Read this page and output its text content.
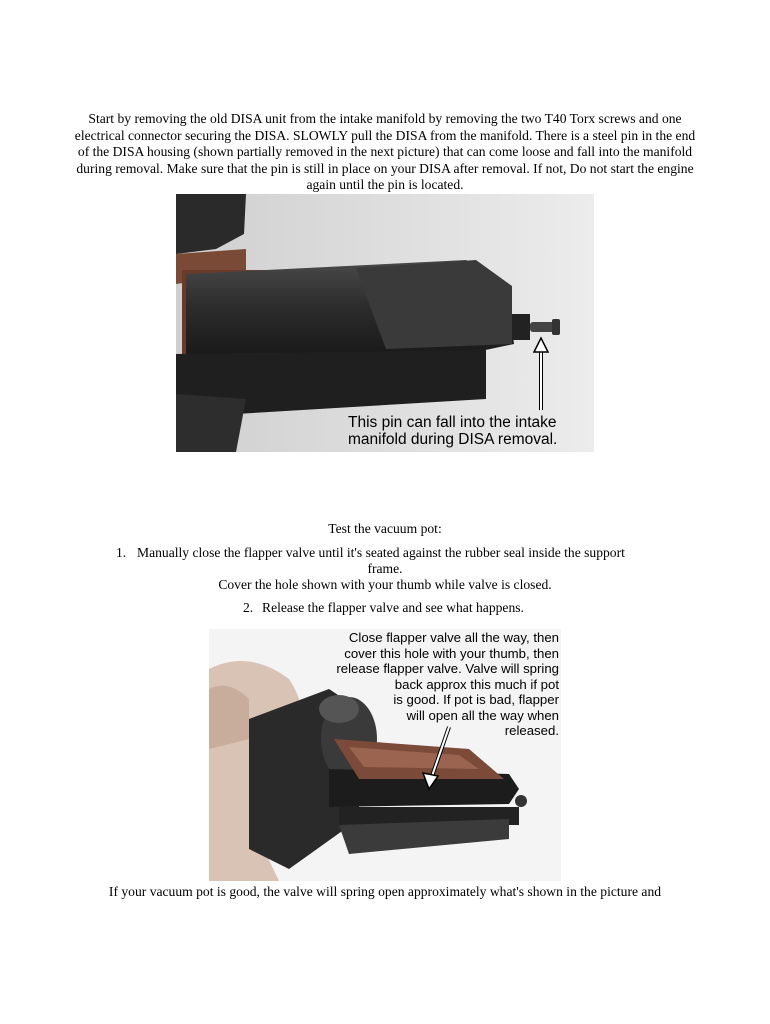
Start by removing the old DISA unit from the intake manifold by removing the two T40 Torx screws and one electrical connector securing the DISA. SLOWLY pull the DISA from the manifold. There is a steel pin in the end of the DISA housing (shown partially removed in the next picture) that can come loose and fall into the manifold during removal. Make sure that the pin is still in place on your DISA after removal. If not, Do not start the engine again until the pin is located.

This pin can fall into the intake
manifold during DISA removal.
Test the vacuum pot:
1. Manually close the flapper valve until it's seated against the rubber seal inside the support
frame.
Cover the hole shown with your thumb while valve is closed.
2. Release the flapper valve and see what happens.
Close flapper valve all the way, then
cover this hole with your thumb, then
release flapper valve. Valve will spring
back approx this much if pot
is good. If pot is bad, flapper
will open all the way when
released.
If your vacuum pot is good, the valve will spring open approximately what's shown in the picture and
